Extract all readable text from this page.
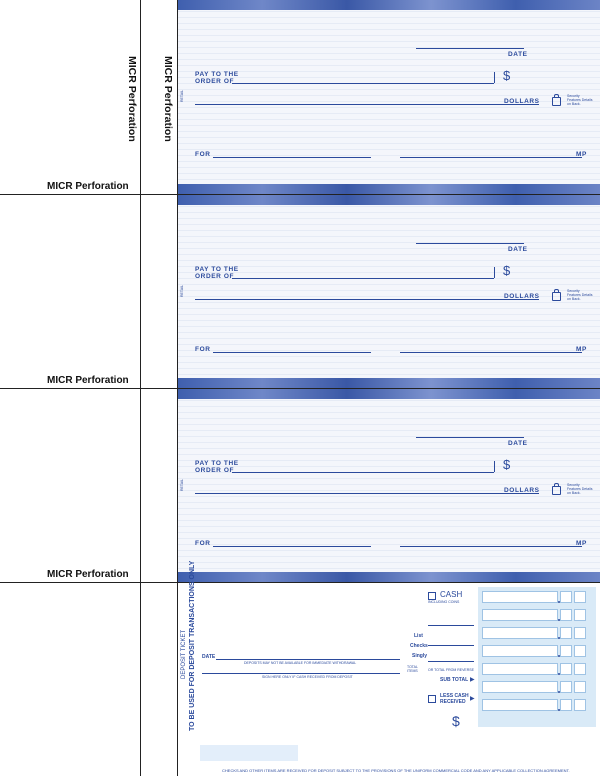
MICR Perforation
MICR Perforation
MICR Perforation
DATE
PAY TO THE
ORDER OF	$
DOLLARS
Security Features Details on Back.
RETAIL
FOR	MP
MICR Perforation
DATE
PAY TO THE
ORDER OF	$
DOLLARS
Security Features Details on Back.
RETAIL
FOR	MP
MICR Perforation
DATE
PAY TO THE
ORDER OF	$
DOLLARS
Security Features Details on Back.
RETAIL
FOR	MP
DEPOSIT TICKET TO BE USED FOR DEPOSIT TRANSACTIONS ONLY DATE
DEPOSITS MAY NOT BE AVAILABLE FOR IMMEDIATE WITHDRAWAL
SIGN HERE ONLY IF CASH RECEIVED FROM DEPOSIT
CASH
INCLUDING COINS
List
Checks
Singly
TOTAL ITEMS	OR TOTAL FROM REVERSE
SUB TOTAL ▶
LESS CASH
RECEIVED ▶
$
CHECKS AND OTHER ITEMS ARE RECEIVED FOR DEPOSIT SUBJECT TO THE PROVISIONS OF THE UNIFORM COMMERCIAL CODE AND ANY APPLICABLE COLLECTION AGREEMENT.
